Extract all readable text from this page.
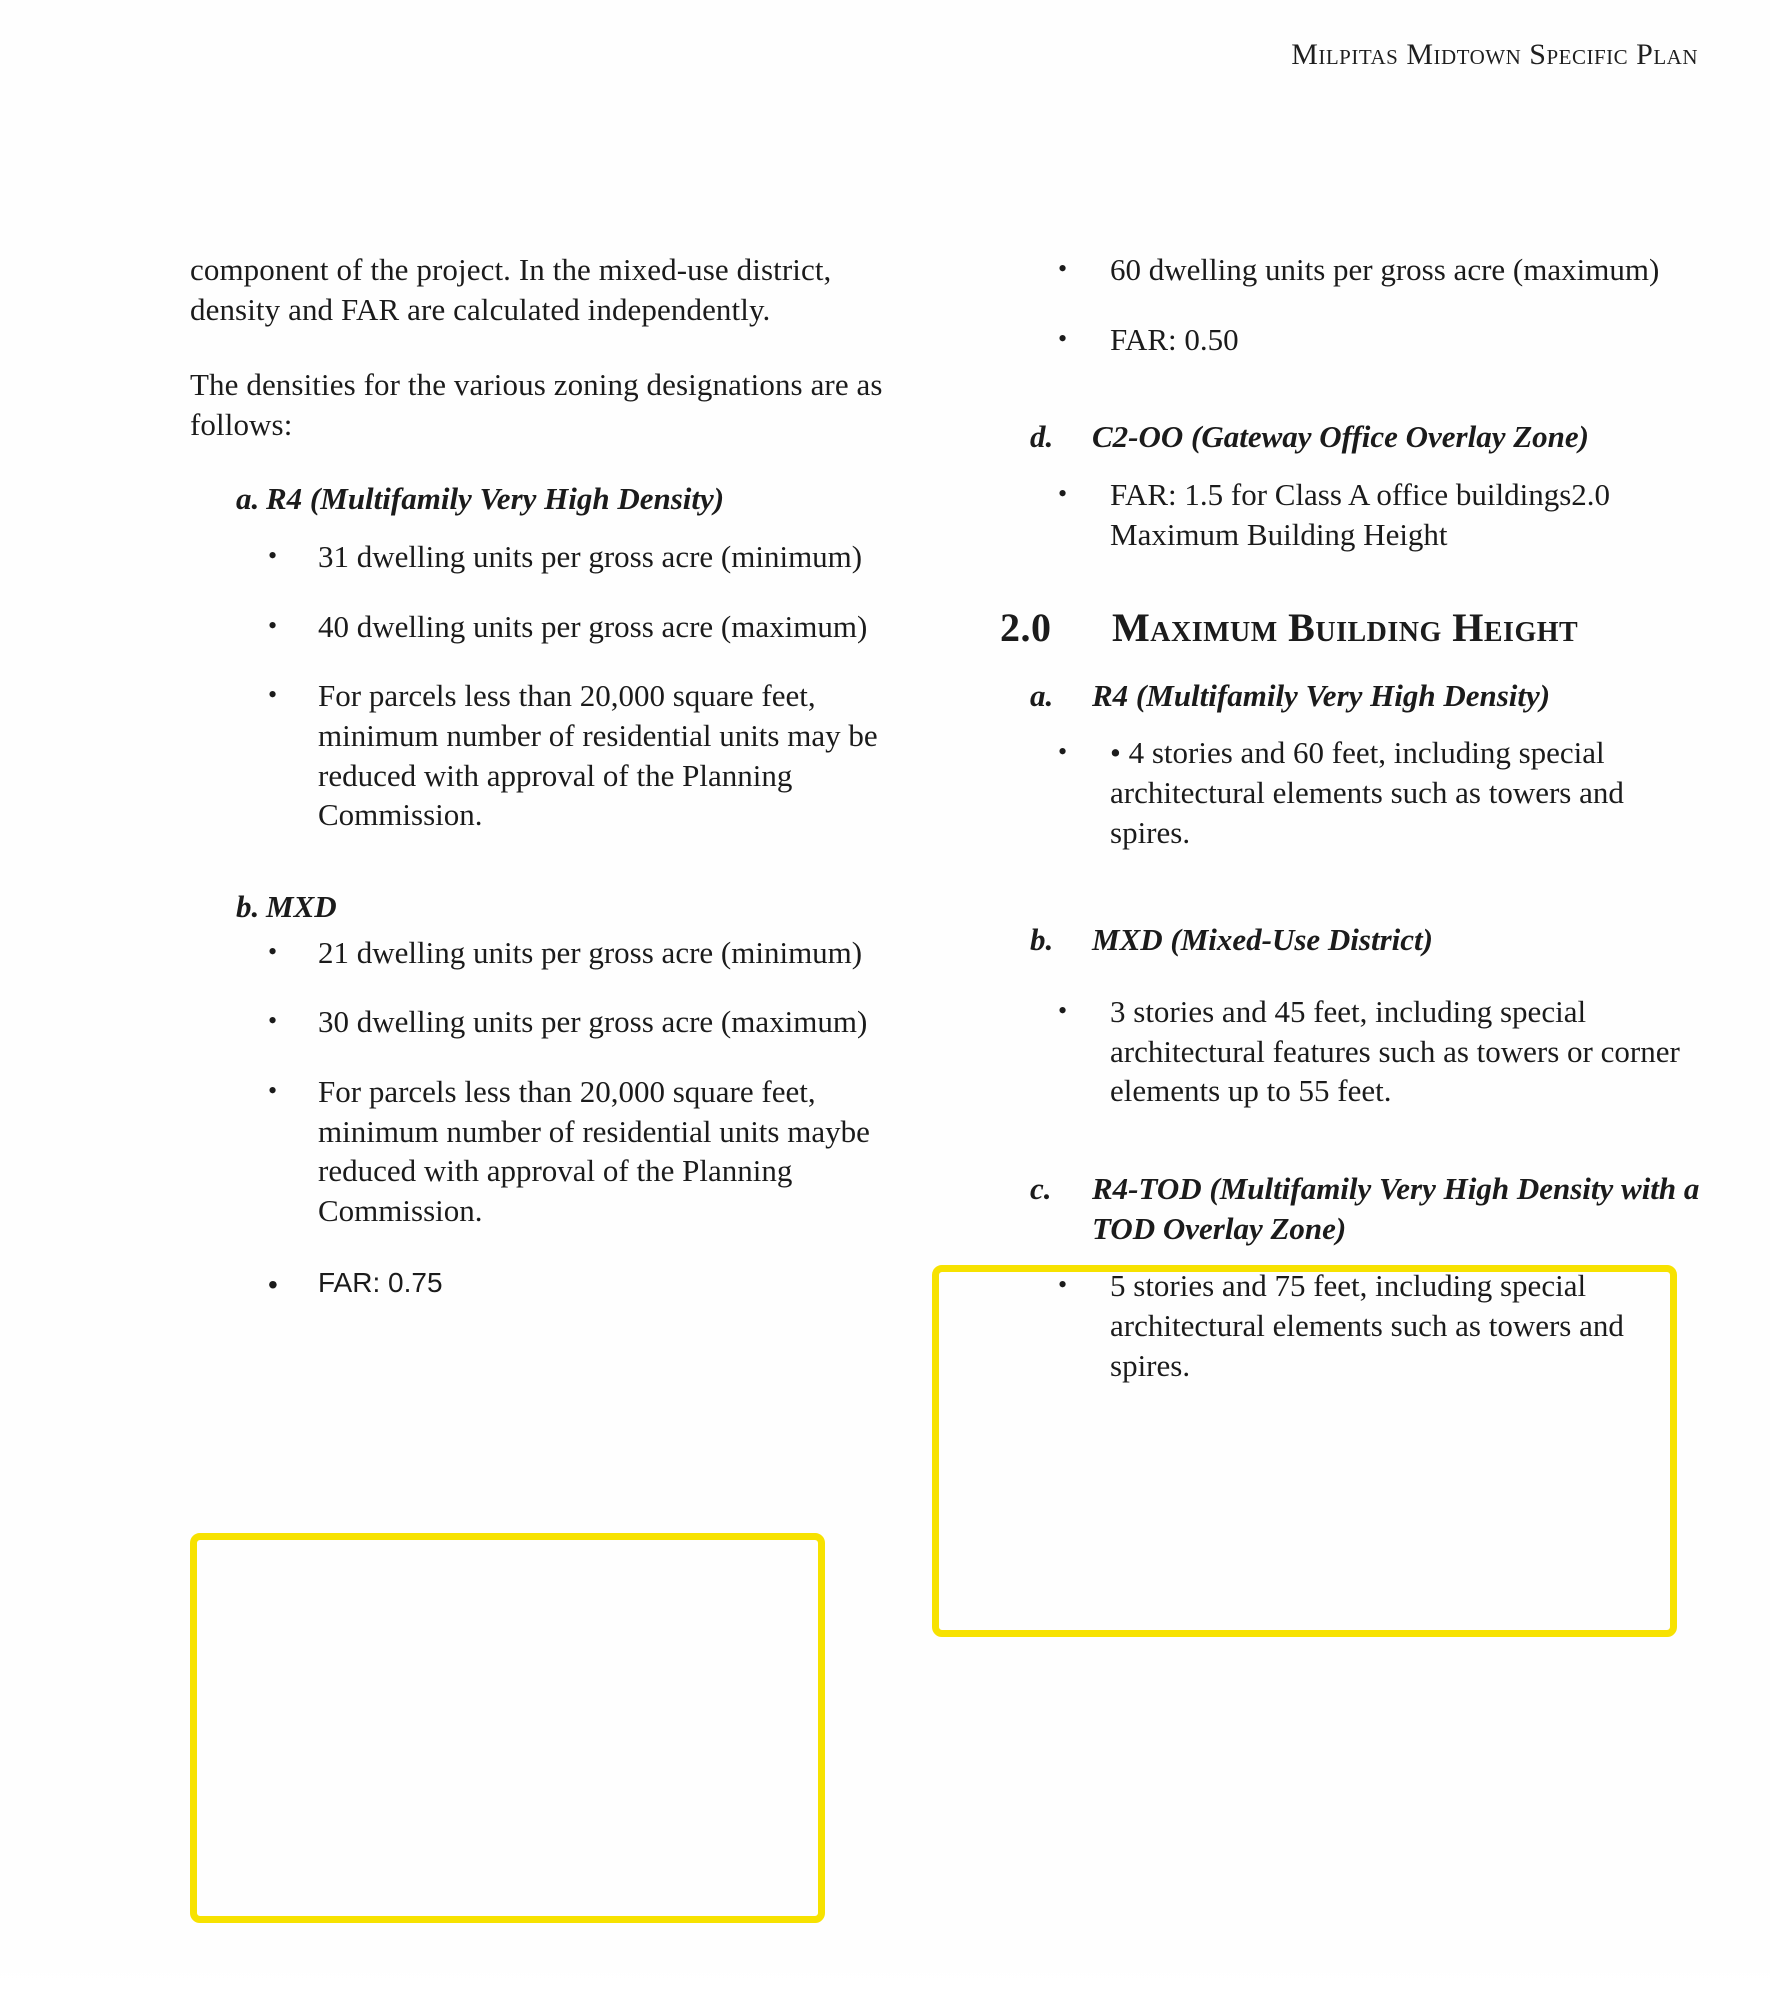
Milpitas Midtown Specific Plan

component of the project. In the mixed-use district, density and FAR are calculated independently.

The densities for the various zoning designations are as follows:

a. R4 (Multifamily Very High Density)
• 31 dwelling units per gross acre (minimum)
• 40 dwelling units per gross acre (maximum)
• For parcels less than 20,000 square feet, minimum number of residential units may be reduced with approval of the Planning Commission.
b. MXD
• 21 dwelling units per gross acre (minimum)
• 30 dwelling units per gross acre (maximum)
• For parcels less than 20,000 square feet, minimum number of residential units maybe reduced with approval of the Planning Commission.
• FAR: 0.75
• 60 dwelling units per gross acre (maximum)
• FAR: 0.50
d.	C2-OO (Gateway Office Overlay Zone)
• FAR: 1.5 for Class A office buildings2.0 Maximum Building Height
2.0	Maximum Building Height
a.	R4 (Multifamily Very High Density)
• • 4 stories and 60 feet, including special architectural elements such as towers and spires.
b.	MXD (Mixed-Use District)
• 3 stories and 45 feet, including special architectural features such as towers or corner elements up to 55 feet.
c.	R4-TOD (Multifamily Very High Density with a TOD Overlay Zone)
• 5 stories and 75 feet, including special architectural elements such as towers and spires.
